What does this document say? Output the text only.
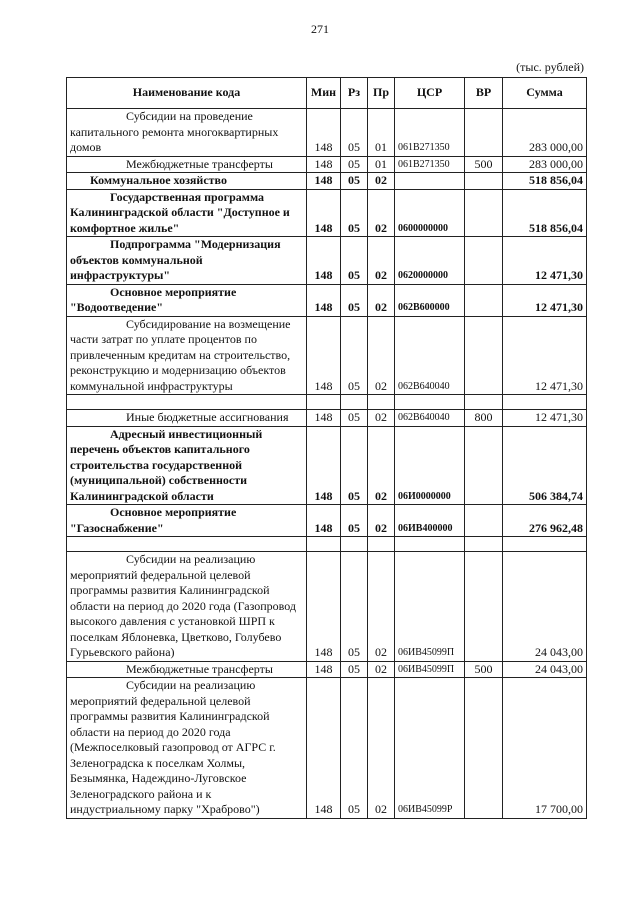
271
(тыс. рублей)
Наименование кода	Мин	Рз	Пр	ЦСР	ВР	Сумма
Субсидии на проведение капитального ремонта многоквартирных домов	148	05	01	061В271350		283 000,00
Межбюджетные трансферты	148	05	01	061В271350	500	283 000,00
Коммунальное хозяйство	148	05	02			518 856,04
Государственная программа Калининградской области "Доступное и комфортное жилье"	148	05	02	0600000000		518 856,04
Подпрограмма "Модернизация объектов коммунальной инфраструктуры"	148	05	02	0620000000		12 471,30
Основное мероприятие "Водоотведение"	148	05	02	062В600000		12 471,30
Субсидирование на возмещение части затрат по уплате процентов по привлеченным кредитам на строительство, реконструкцию и модернизацию объектов коммунальной инфраструктуры	148	05	02	062В640040		12 471,30

Иные бюджетные ассигнования	148	05	02	062В640040	800	12 471,30
Адресный инвестиционный перечень объектов капитального строительства государственной (муниципальной) собственности Калининградской области	148	05	02	06И0000000		506 384,74
Основное мероприятие "Газоснабжение"	148	05	02	06ИВ400000		276 962,48

Субсидии на реализацию мероприятий федеральной целевой программы развития Калининградской области на период до 2020 года (Газопровод высокого давления с установкой ШРП к поселкам Яблоневка, Цветково, Голубево Гурьевского района)	148	05	02	06ИВ45099П		24 043,00
Межбюджетные трансферты	148	05	02	06ИВ45099П	500	24 043,00
Субсидии на реализацию мероприятий федеральной целевой программы развития Калининградской области на период до 2020 года (Межпоселковый газопровод от АГРС г. Зеленоградска к поселкам Холмы, Безымянка, Надеждино-Луговское Зеленоградского района и к индустриальному парку "Храброво")	148	05	02	06ИВ45099Р		17 700,00
